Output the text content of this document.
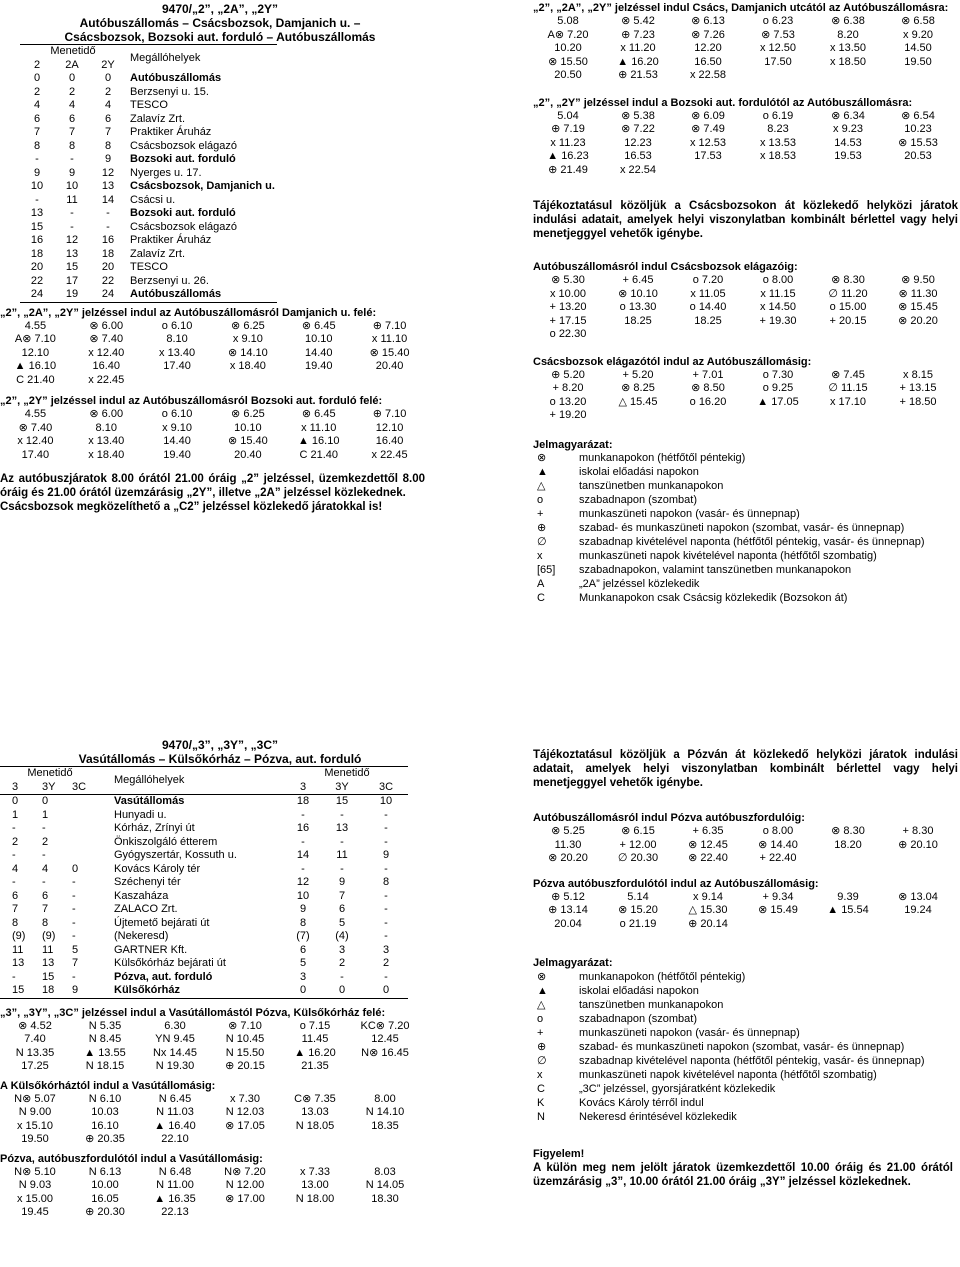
9470/„2”, „2A”, „2Y”
Autóbuszállomás – Csácsbozsok, Damjanich u. –
Csácsbozsok, Bozsoki aut. forduló – Autóbuszállomás
Menetidő			Megállóhelyek
2	2A	2Y	
0	0	0	Autóbuszállomás
2	2	2	Berzsenyi u. 15.
4	4	4	TESCO
6	6	6	Zalavíz Zrt.
7	7	7	Praktiker Áruház
8	8	8	Csácsbozsok elágazó
-	-	9	Bozsoki aut. forduló
9	9	12	Nyerges u. 17.
10	10	13	Csácsbozsok, Damjanich u.
-	11	14	Csácsi u.
13	-	-	Bozsoki aut. forduló
15	-	-	Csácsbozsok elágazó
16	12	16	Praktiker Áruház
18	13	18	Zalavíz Zrt.
20	15	20	TESCO
22	17	22	Berzsenyi u. 26.
24	19	24	Autóbuszállomás
„2”, „2A”, „2Y” jelzéssel indul az Autóbuszállomásról Damjanich u. felé:
4.55	⊗ 6.00	o 6.10	⊗ 6.25	⊗ 6.45	⊕ 7.10
A⊗ 7.10	⊗ 7.40	8.10	x 9.10	10.10	x 11.10
12.10	x 12.40	x 13.40	⊗ 14.10	14.40	⊗ 15.40
▲ 16.10	16.40	17.40	x 18.40	19.40	20.40
C 21.40	x 22.45				
„2”, „2Y” jelzéssel indul az Autóbuszállomásról Bozsoki aut. forduló felé:
4.55	⊗ 6.00	o 6.10	⊗ 6.25	⊗ 6.45	⊕ 7.10
⊗ 7.40	8.10	x 9.10	10.10	x 11.10	12.10
x 12.40	x 13.40	14.40	⊗ 15.40	▲ 16.10	16.40
17.40	x 18.40	19.40	20.40	C 21.40	x 22.45
Az autóbuszjáratok 8.00 órától 21.00 óráig „2” jelzéssel, üzemkezdettől 8.00 óráig és 21.00 órától üzemzárásig „2Y”, illetve „2A” jelzéssel közlekednek.
Csácsbozsok megközelíthető a „C2” jelzéssel közlekedő járatokkal is!
„2”, „2A”, „2Y” jelzéssel indul Csács, Damjanich utcától az Autóbuszállomásra:
5.08	⊗ 5.42	⊗ 6.13	o 6.23	⊗ 6.38	⊗ 6.58
A⊗ 7.20	⊕ 7.23	⊗ 7.26	⊗ 7.53	8.20	x 9.20
10.20	x 11.20	12.20	x 12.50	x 13.50	14.50
⊗ 15.50	▲ 16.20	16.50	17.50	x 18.50	19.50
20.50	⊕ 21.53	x 22.58			
„2”, „2Y” jelzéssel indul a Bozsoki aut. fordulótól az Autóbuszállomásra:
5.04	⊗ 5.38	⊗ 6.09	o 6.19	⊗ 6.34	⊗ 6.54
⊕ 7.19	⊗ 7.22	⊗ 7.49	8.23	x 9.23	10.23
x 11.23	12.23	x 12.53	x 13.53	14.53	⊗ 15.53
▲ 16.23	16.53	17.53	x 18.53	19.53	20.53
⊕ 21.49	x 22.54				
Tájékoztatásul közöljük a Csácsbozsokon át közlekedő helyközi járatok indulási adatait, amelyek helyi viszonylatban kombinált bérlettel vagy helyi menetjeggyel vehetők igénybe.
Autóbuszállomásról indul Csácsbozsok elágazóig:
⊗ 5.30	+ 6.45	o 7.20	o 8.00	⊗ 8.30	⊗ 9.50
x 10.00	⊗ 10.10	x 11.05	x 11.15	∅ 11.20	⊗ 11.30
+ 13.20	o 13.30	o 14.40	x 14.50	o 15.00	⊗ 15.45
+ 17.15	18.25	18.25	+ 19.30	+ 20.15	⊗ 20.20
o 22.30					
Csácsbozsok elágazótól indul az Autóbuszállomásig:
⊕ 5.20	+ 5.20	+ 7.01	o 7.30	⊗ 7.45	x 8.15
+ 8.20	⊗ 8.25	⊗ 8.50	o 9.25	∅ 11.15	+ 13.15
o 13.20	△ 15.45	o 16.20	▲ 17.05	x 17.10	+ 18.50
+ 19.20					
Jelmagyarázat:
⊗	munkanapokon (hétfőtől péntekig)
▲	iskolai előadási napokon
△	tanszünetben munkanapokon
o	szabadnapon (szombat)
+	munkaszüneti napokon (vasár- és ünnepnap)
⊕	szabad- és munkaszüneti napokon (szombat, vasár- és ünnepnap)
∅	szabadnap kivételével naponta (hétfőtől péntekig, vasár- és ünnepnap)
x	munkaszüneti napok kivételével naponta (hétfőtől szombatig)
[65]	szabadnapokon, valamint tanszünetben munkanapokon
A	„2A” jelzéssel közlekedik
C	Munkanapokon csak Csácsig közlekedik (Bozsokon át)
9470/„3”, „3Y”, „3C”
Vasútállomás – Külsőkórház – Pózva, aut. forduló
Menetidő			Megállóhelyek	Menetidő		
3	3Y	3C		3	3Y	3C
0	0		Vasútállomás	18	15	10
1	1		Hunyadi u.	-	-	-
-	-		Kórház, Zrínyi út	16	13	-
2	2		Önkiszolgáló étterem	-	-	-
-	-		Gyógyszertár, Kossuth u.	14	11	9
4	4	0	Kovács Károly tér	-	-	-
-	-	-	Széchenyi tér	12	9	8
6	6	-	Kaszaháza	10	7	-
7	7	-	ZALACO Zrt.	9	6	-
8	8	-	Újtemető bejárati út	8	5	-
(9)	(9)	-	(Nekeresd)	(7)	(4)	-
11	11	5	GARTNER Kft.	6	3	3
13	13	7	Külsőkórház bejárati út	5	2	2
-	15	-	Pózva, aut. forduló	3	-	-
15	18	9	Külsőkórház	0	0	0
„3”, „3Y”, „3C” jelzéssel indul a Vasútállomástól Pózva, Külsőkórház felé:
⊗ 4.52	N 5.35	6.30	⊗ 7.10	o 7.15	KC⊗ 7.20
7.40	N 8.45	YN 9.45	N 10.45	11.45	12.45
N 13.35	▲ 13.55	Nx 14.45	N 15.50	▲ 16.20	N⊗ 16.45
17.25	N 18.15	N 19.30	⊕ 20.15	21.35	
A Külsőkórháztól indul a Vasútállomásig:
N⊗ 5.07	N 6.10	N 6.45	x 7.30	C⊗ 7.35	8.00
N 9.00	10.03	N 11.03	N 12.03	13.03	N 14.10
x 15.10	16.10	▲ 16.40	⊗ 17.05	N 18.05	18.35
19.50	⊕ 20.35	22.10			
Pózva, autóbuszfordulótól indul a Vasútállomásig:
N⊗ 5.10	N 6.13	N 6.48	N⊗ 7.20	x 7.33	8.03
N 9.03	10.00	N 11.00	N 12.00	13.00	N 14.05
x 15.00	16.05	▲ 16.35	⊗ 17.00	N 18.00	18.30
19.45	⊕ 20.30	22.13			
Tájékoztatásul közöljük a Pózván át közlekedő helyközi járatok indulási adatait, amelyek helyi viszonylatban kombinált bérlettel vagy helyi menetjeggyel vehetők igénybe.
Autóbuszállomásról indul Pózva autóbuszfordulóig:
⊗ 5.25	⊗ 6.15	+ 6.35	o 8.00	⊗ 8.30	+ 8.30
11.30	+ 12.00	⊗ 12.45	⊗ 14.40	18.20	⊕ 20.10
⊗ 20.20	∅ 20.30	⊗ 22.40	+ 22.40		
Pózva autóbuszfordulótól indul az Autóbuszállomásig:
⊕ 5.12	5.14	x 9.14	+ 9.34	9.39	⊗ 13.04
⊕ 13.14	⊗ 15.20	△ 15.30	⊗ 15.49	▲ 15.54	19.24
20.04	o 21.19	⊕ 20.14			
Jelmagyarázat:
⊗	munkanapokon (hétfőtől péntekig)
▲	iskolai előadási napokon
△	tanszünetben munkanapokon
o	szabadnapon (szombat)
+	munkaszüneti napokon (vasár- és ünnepnap)
⊕	szabad- és munkaszüneti napokon (szombat, vasár- és ünnepnap)
∅	szabadnap kivételével naponta (hétfőtől péntekig, vasár- és ünnepnap)
x	munkaszüneti napok kivételével naponta (hétfőtől szombatig)
C	„3C” jelzéssel, gyorsjáratként közlekedik
K	Kovács Károly térről indul
N	Nekeresd érintésével közlekedik
Figyelem!
A külön meg nem jelölt járatok üzemkezdettől 10.00 óráig és 21.00 órától üzemzárásig „3”, 10.00 órától 21.00 óráig „3Y” jelzéssel közlekednek.
